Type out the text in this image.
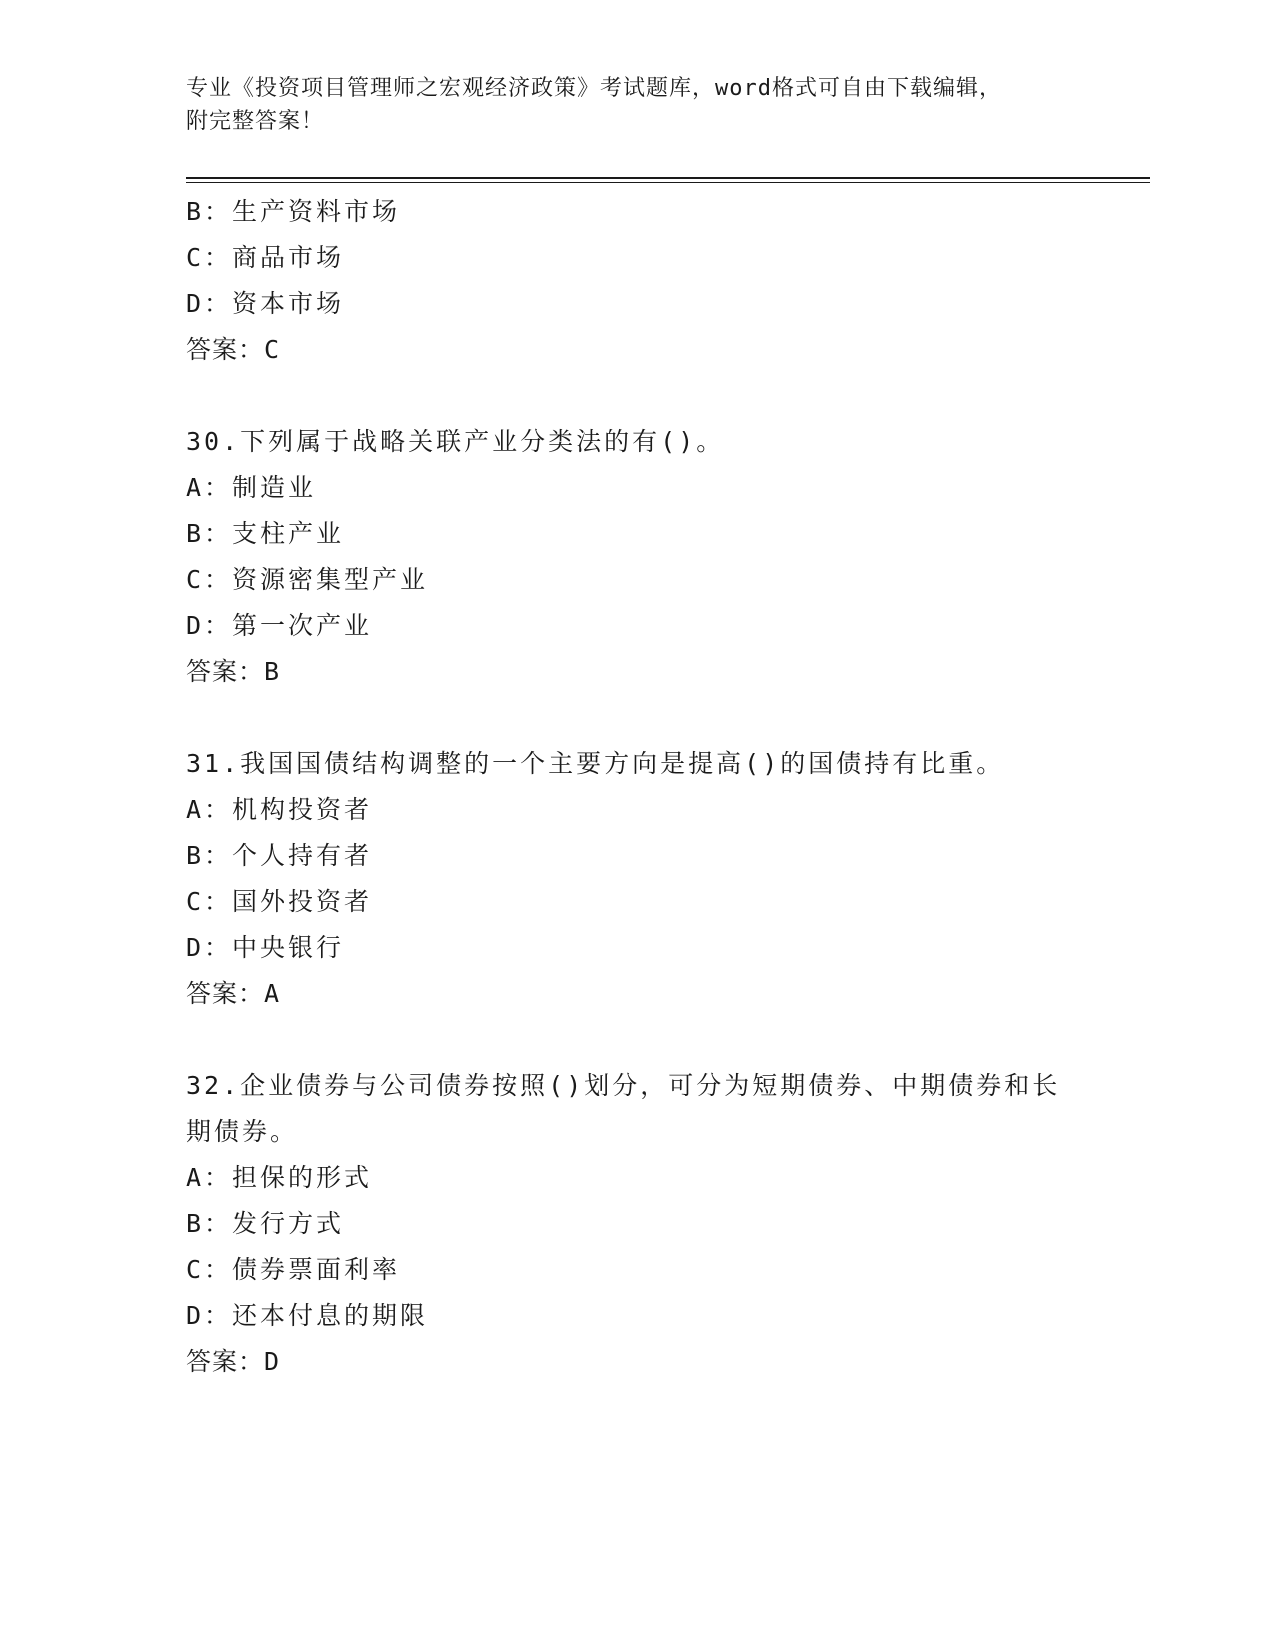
专业《投资项目管理师之宏观经济政策》考试题库，word格式可自由下载编辑，
附完整答案！
B：生产资料市场
C：商品市场
D：资本市场
答案：C
30.下列属于战略关联产业分类法的有()。
A：制造业
B：支柱产业
C：资源密集型产业
D：第一次产业
答案：B
31.我国国债结构调整的一个主要方向是提高()的国债持有比重。
A：机构投资者
B：个人持有者
C：国外投资者
D：中央银行
答案：A
32.企业债券与公司债券按照()划分，可分为短期债券、中期债券和长期债券。
A：担保的形式
B：发行方式
C：债券票面利率
D：还本付息的期限
答案：D
